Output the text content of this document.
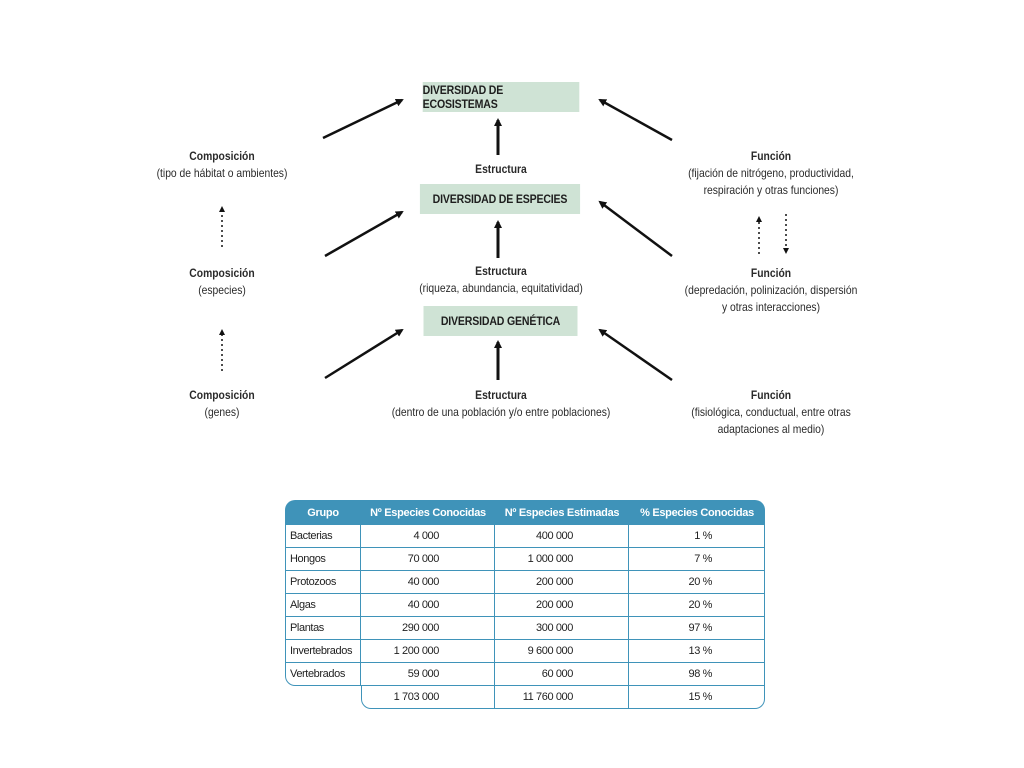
DIVERSIDAD DE ECOSISTEMAS
DIVERSIDAD DE ESPECIES
DIVERSIDAD GENÉTICA
Composición
(tipo de hábitat o ambientes)
Composición
(especies)
Composición
(genes)
Estructura
Estructura
(riqueza, abundancia, equitatividad)
Estructura
(dentro de una población y/o entre poblaciones)
Función
(fijación de nitrógeno, productividad,
respiración y otras funciones)
Función
(depredación, polinización, dispersión
y otras interacciones)
Función
(fisiológica, conductual, entre otras
adaptaciones al medio)
Grupo	Nº Especies Conocidas	Nº Especies Estimadas	% Especies Conocidas
Bacterias	4 000	400 000	1 %
Hongos	70 000	1 000 000	7 %
Protozoos	40 000	200 000	20 %
Algas	40 000	200 000	20 %
Plantas	290 000	300 000	97 %
Invertebrados	1 200 000	9 600 000	13 %
Vertebrados	59 000	60 000	98 %
	1 703 000	11 760 000	15 %
